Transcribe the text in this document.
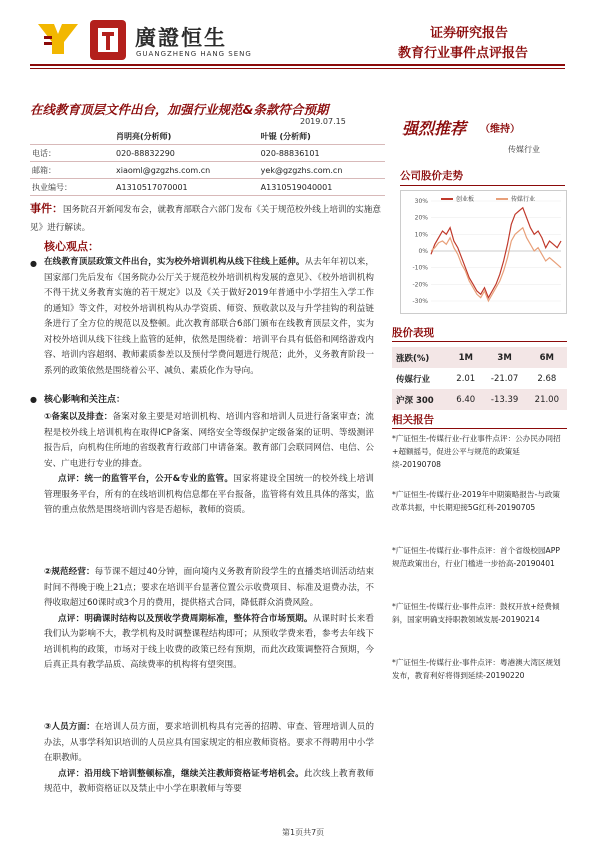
廣證恒生
GUANGZHENG HANG SENG
证券研究报告
教育行业事件点评报告
在线教育顶层文件出台，加强行业规范&条款符合预期
2019.07.15	强烈推荐 （维持）
传媒行业
	肖明亮(分析师)	叶锟 (分析师)
电话：	020-88832290	020-88836101
邮箱：	xiaoml@gzgzhs.com.cn	yek@gzgzhs.com.cn
执业编号：	A1310517070001	A1310519040001
事件：国务院召开新闻发布会，就教育部联合六部门发布《关于规范校外线上培训的实施意见》进行解读。
核心观点：
● 在线教育顶层政策文件出台，实为校外培训机构从线下往线上延伸。从去年年初以来，国家部门先后发布《国务院办公厅关于规范校外培训机构发展的意见》、《校外培训机构不得干扰义务教育实施的若干规定》以及《关于做好2019年普通中小学招生入学工作的通知》等文件，对校外培训机构从办学资质、师资、预收款以及与升学挂钩的利益链条进行了全方位的规范以及整顿。此次教育部联合6部门颁布在线教育顶层文件，实为对校外培训从线下往线上监管的延伸，依然是围绕着：培训平台具有低俗和网络游戏内容、培训内容超纲、教师素质参差以及预付学费问题进行规范；此外，义务教育阶段一系列的政策依然是围绕着公平、减负、素质化作为导向。
● 核心影响和关注点：
①备案以及排查：备案对象主要是对培训机构、培训内容和培训人员进行备案审查；流程是校外线上培训机构在取得ICP备案、网络安全等级保护定级备案的证明、等级测评报告后，向机构住所地的省级教育行政部门申请备案。教育部门会联同网信、电信、公安、广电进行专业的排查。
点评：统一的监管平台，公开&专业的监管。国家将建设全国统一的校外线上培训管理服务平台，所有的在线培训机构信息都在平台报备，监管将有效且具体的落实，监管的重点依然是围绕培训内容是否超标，教师的资质。
②规范经营：每节课不超过40分钟，面向境内义务教育阶段学生的直播类培训活动结束时间不得晚于晚上21点；要求在培训平台显著位置公示收费项目、标准及退费办法，不得收取超过60课时或3个月的费用，提供格式合同，降低群众消费风险。
点评：明确课时结构以及预收学费周期标准，整体符合市场预期。从课时时长来看我们认为影响不大，教学机构及时调整课程结构即可；从预收学费来看，参考去年线下培训机构的政策，市场对于线上收费的政策已经有预期，而此次政策调整符合预期，今后真正具有教学品质、高续费率的机构将有望突围。
③人员方面：在培训人员方面，要求培训机构具有完善的招聘、审查、管理培训人员的办法，从事学科知识培训的人员应具有国家规定的相应教师资格。要求不得聘用中小学在职教师。
点评：沿用线下培训整顿标准，继续关注教师资格证考培机会。此次线上教育教师规范中，教师资格证以及禁止中小学在职教师与等要
公司股价走势
30%
20%
10%
0%
-10%
-20%
-30%
创业板	传媒行业
股价表现
涨跌(%)	1M	3M	6M
传媒行业	2.01	-21.07	2.68
沪深 300	6.40	-13.39	21.00
相关报告
*广证恒生-传媒行业-行业事件点评：公办民办同招+超额摇号，促进公平与规范的政策延续-20190708
*广证恒生-传媒行业-2019年中期策略报告-与政策改革共振，中长期迎接5G红利-20190705
*广证恒生-传媒行业-事件点评：首个省级校园APP规范政策出台，行业门槛进一步抬高-20190401
*广证恒生-传媒行业-事件点评：鼓权开放+经费倾斜，国家明确支持职教领域发展-20190214
*广证恒生-传媒行业-事件点评：粤港澳大湾区规划发布，教育利好将得到延续-20190220
第1页共7页
